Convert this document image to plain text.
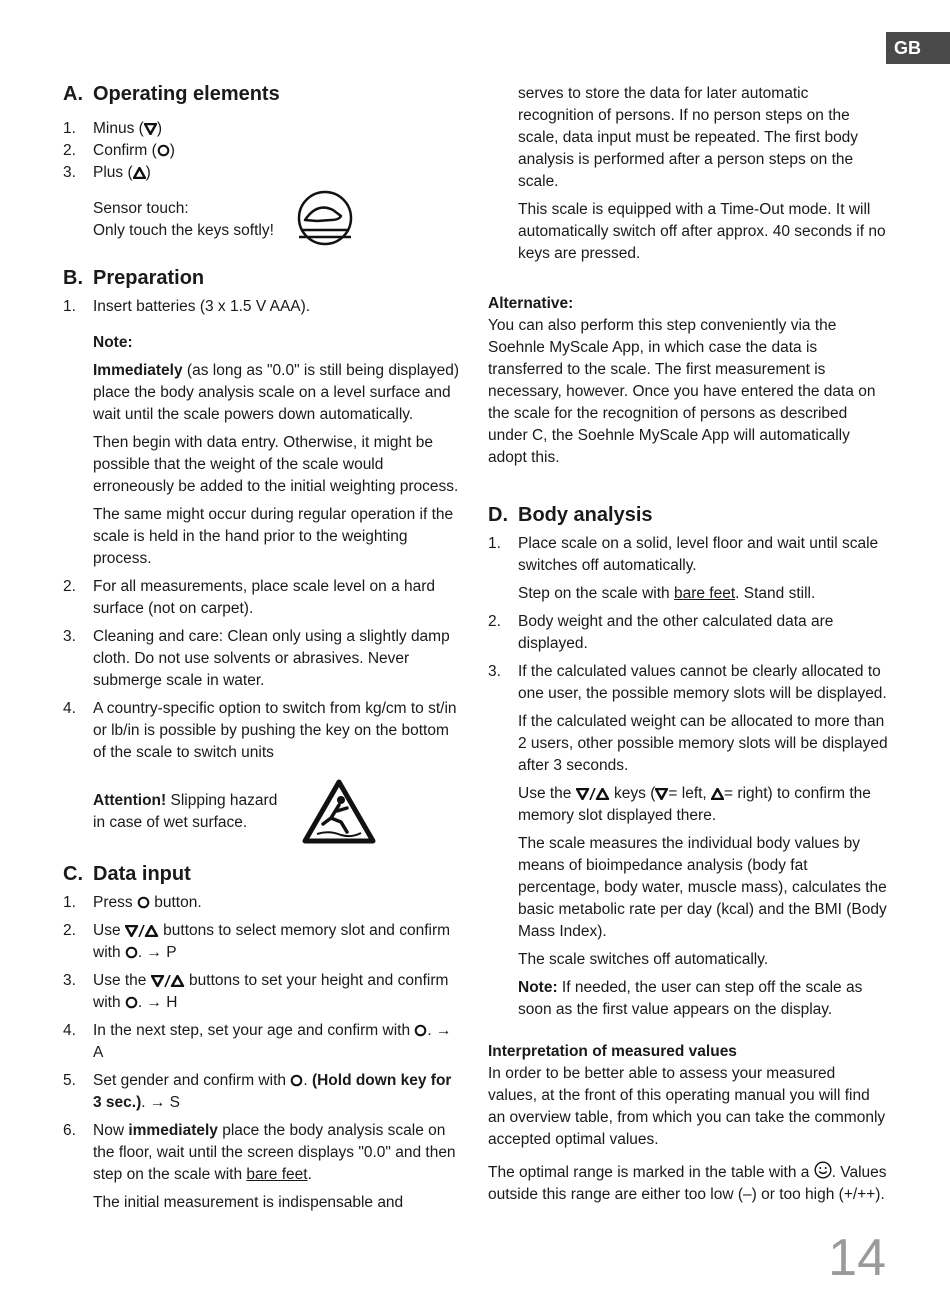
GB
A. Operating elements
1.	Minus ( )
2.	Confirm ( )
3.	Plus ( )
Sensor touch:
Only touch the keys softly!
B. Preparation
1.	Insert batteries (3 x 1.5 V AAA).
Note:
Immediately (as long as "0.0" is still being displayed) place the body analysis scale on a level surface and wait until the scale powers down automatically.
Then begin with data entry. Otherwise, it might be possible that the weight of the scale would erroneously be added to the initial weighting process.
The same might occur during regular operation if the scale is held in the hand prior to the weighting process.
2.	For all measurements, place scale level on a hard surface (not on carpet).
3.	Cleaning and care: Clean only using a slightly damp cloth. Do not use solvents or abrasives. Never submerge scale in water.
4.	A country-specific option to switch from kg/cm to st/in or lb/in is possible by pushing the key on the bottom of the scale to switch units
Attention! Slipping hazard in case of wet surface.
C. Data input
1.	Press  button.
2.	Use  buttons to select memory slot and confirm with . → P
3.	Use the  buttons to set your height and confirm with . → H
4.	In the next step, set your age and confirm with . → A
5.	Set gender and confirm with . (Hold down key for 3 sec.). → S
6.	Now immediately place the body analysis scale on the floor, wait until the screen displays "0.0" and then step on the scale with bare feet.
The initial measurement is indispensable and
serves to store the data for later automatic recognition of persons. If no person steps on the scale, data input must be repeated. The first body analysis is performed after a person steps on the scale.
This scale is equipped with a Time-Out mode. It will automatically switch off after approx. 40 seconds if no keys are pressed.
Alternative:
You can also perform this step conveniently via the Soehnle MyScale App, in which case the data is transferred to the scale. The first measurement is necessary, however. Once you have entered the data on the scale for the recognition of persons as described under C, the Soehnle MyScale App will automatically adopt this.
D. Body analysis
1.	Place scale on a solid, level floor and wait until scale switches off automatically.
Step on the scale with bare feet. Stand still.
2.	Body weight and the other calculated data are displayed.
3.	If the calculated values cannot be clearly allocated to one user, the possible memory slots will be displayed.
If the calculated weight can be allocated to more than 2 users, other possible memory slots will be displayed after 3 seconds.
Use the  keys ( = left, = right) to confirm the memory slot displayed there.
The scale measures the individual body values by means of bioimpedance analysis (body fat percentage, body water, muscle mass), calculates the basic metabolic rate per day (kcal) and the BMI (Body Mass Index).
The scale switches off automatically.
Note: If needed, the user can step off the scale as soon as the first value appears on the display.
Interpretation of measured values
In order to be better able to assess your measured values, at the front of this operating manual you will find an overview table, from which you can take the commonly accepted optimal values.
The optimal range is marked in the table with a . Values outside this range are either too low (–) or too high (+/++).
14
